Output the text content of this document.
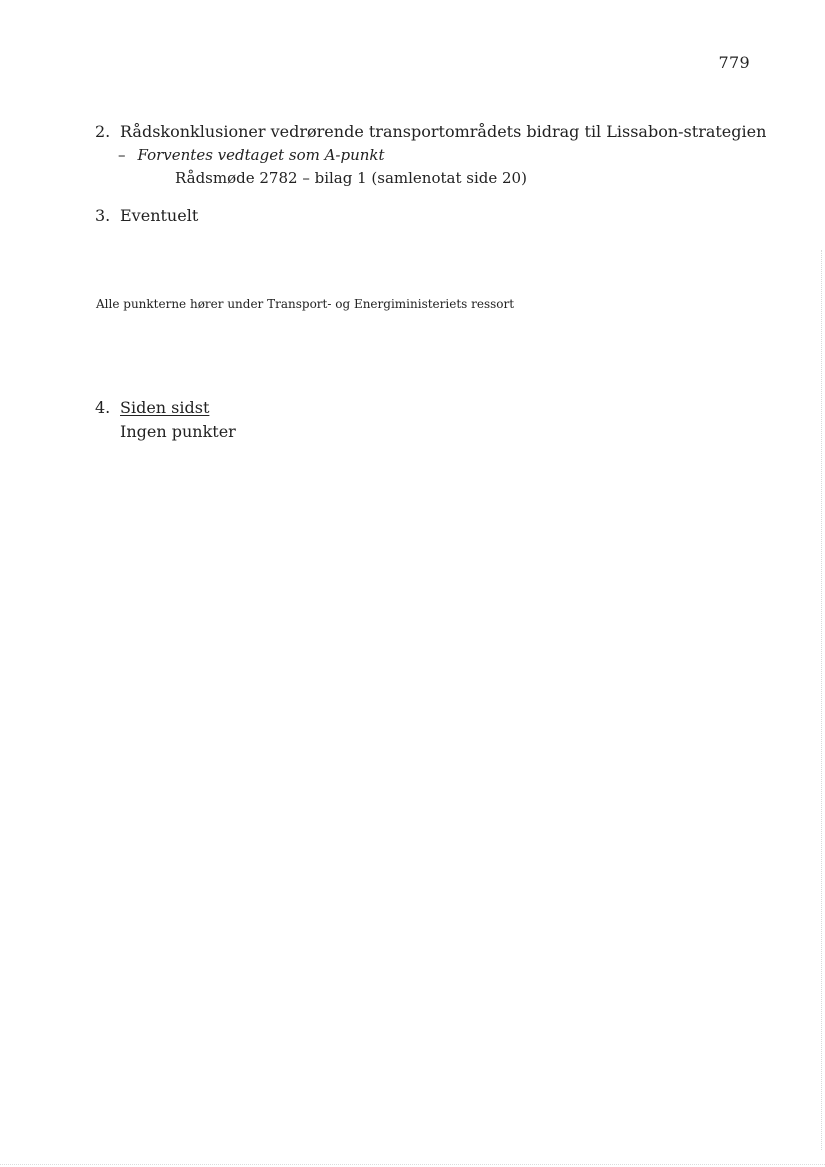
779
2. Rådskonklusioner vedrørende transportområdets bidrag til Lissabon-strategien
– Forventes vedtaget som A-punkt
Rådsmøde 2782 – bilag 1 (samlenotat side 20)
3. Eventuelt
Alle punkterne hører under Transport- og Energiministeriets ressort
4. Siden sidst
Ingen punkter
